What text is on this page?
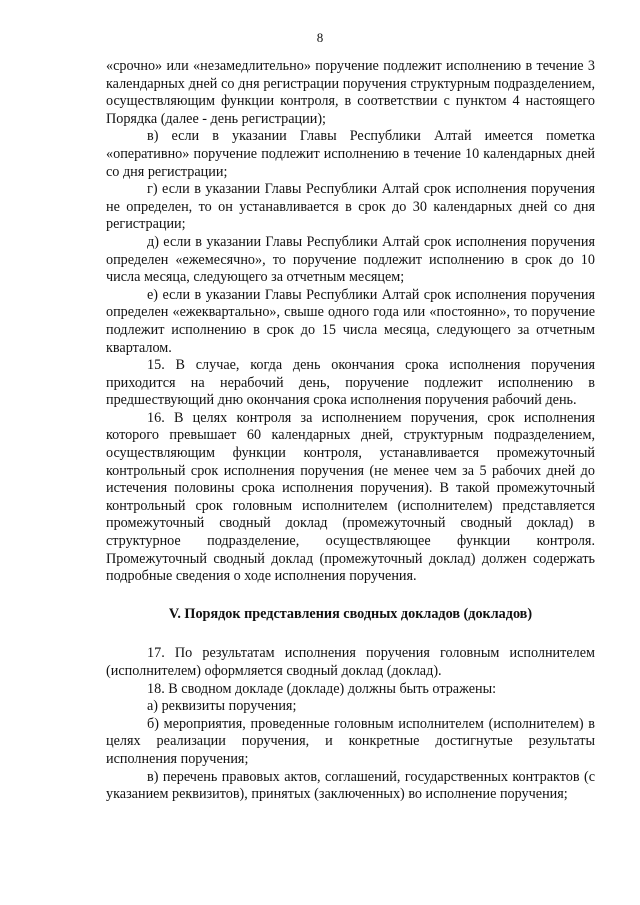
8

«срочно» или «незамедлительно» поручение подлежит исполнению в течение 3 календарных дней со дня регистрации поручения структурным подразделением, осуществляющим функции контроля, в соответствии с пунктом 4 настоящего Порядка (далее - день регистрации);

в) если в указании Главы Республики Алтай имеется пометка «оперативно» поручение подлежит исполнению в течение 10 календарных дней со дня регистрации;

г) если в указании Главы Республики Алтай срок исполнения поручения не определен, то он устанавливается в срок до 30 календарных дней со дня регистрации;

д) если в указании Главы Республики Алтай срок исполнения поручения определен «ежемесячно», то поручение подлежит исполнению в срок до 10 числа месяца, следующего за отчетным месяцем;

е) если в указании Главы Республики Алтай срок исполнения поручения определен «ежеквартально», свыше одного года или «постоянно», то поручение подлежит исполнению в срок до 15 числа месяца, следующего за отчетным кварталом.

15. В случае, когда день окончания срока исполнения поручения приходится на нерабочий день, поручение подлежит исполнению в предшествующий дню окончания срока исполнения поручения рабочий день.

16. В целях контроля за исполнением поручения, срок исполнения которого превышает 60 календарных дней, структурным подразделением, осуществляющим функции контроля, устанавливается промежуточный контрольный срок исполнения поручения (не менее чем за 5 рабочих дней до истечения половины срока исполнения поручения). В такой промежуточный контрольный срок головным исполнителем (исполнителем) представляется промежуточный сводный доклад (промежуточный сводный доклад) в структурное подразделение, осуществляющее функции контроля. Промежуточный сводный доклад (промежуточный доклад) должен содержать подробные сведения о ходе исполнения поручения.

V. Порядок представления сводных докладов (докладов)

17. По результатам исполнения поручения головным исполнителем (исполнителем) оформляется сводный доклад (доклад).

18. В сводном докладе (докладе) должны быть отражены:

а) реквизиты поручения;

б) мероприятия, проведенные головным исполнителем (исполнителем) в целях реализации поручения, и конкретные достигнутые результаты исполнения поручения;

в) перечень правовых актов, соглашений, государственных контрактов (с указанием реквизитов), принятых (заключенных) во исполнение поручения;
